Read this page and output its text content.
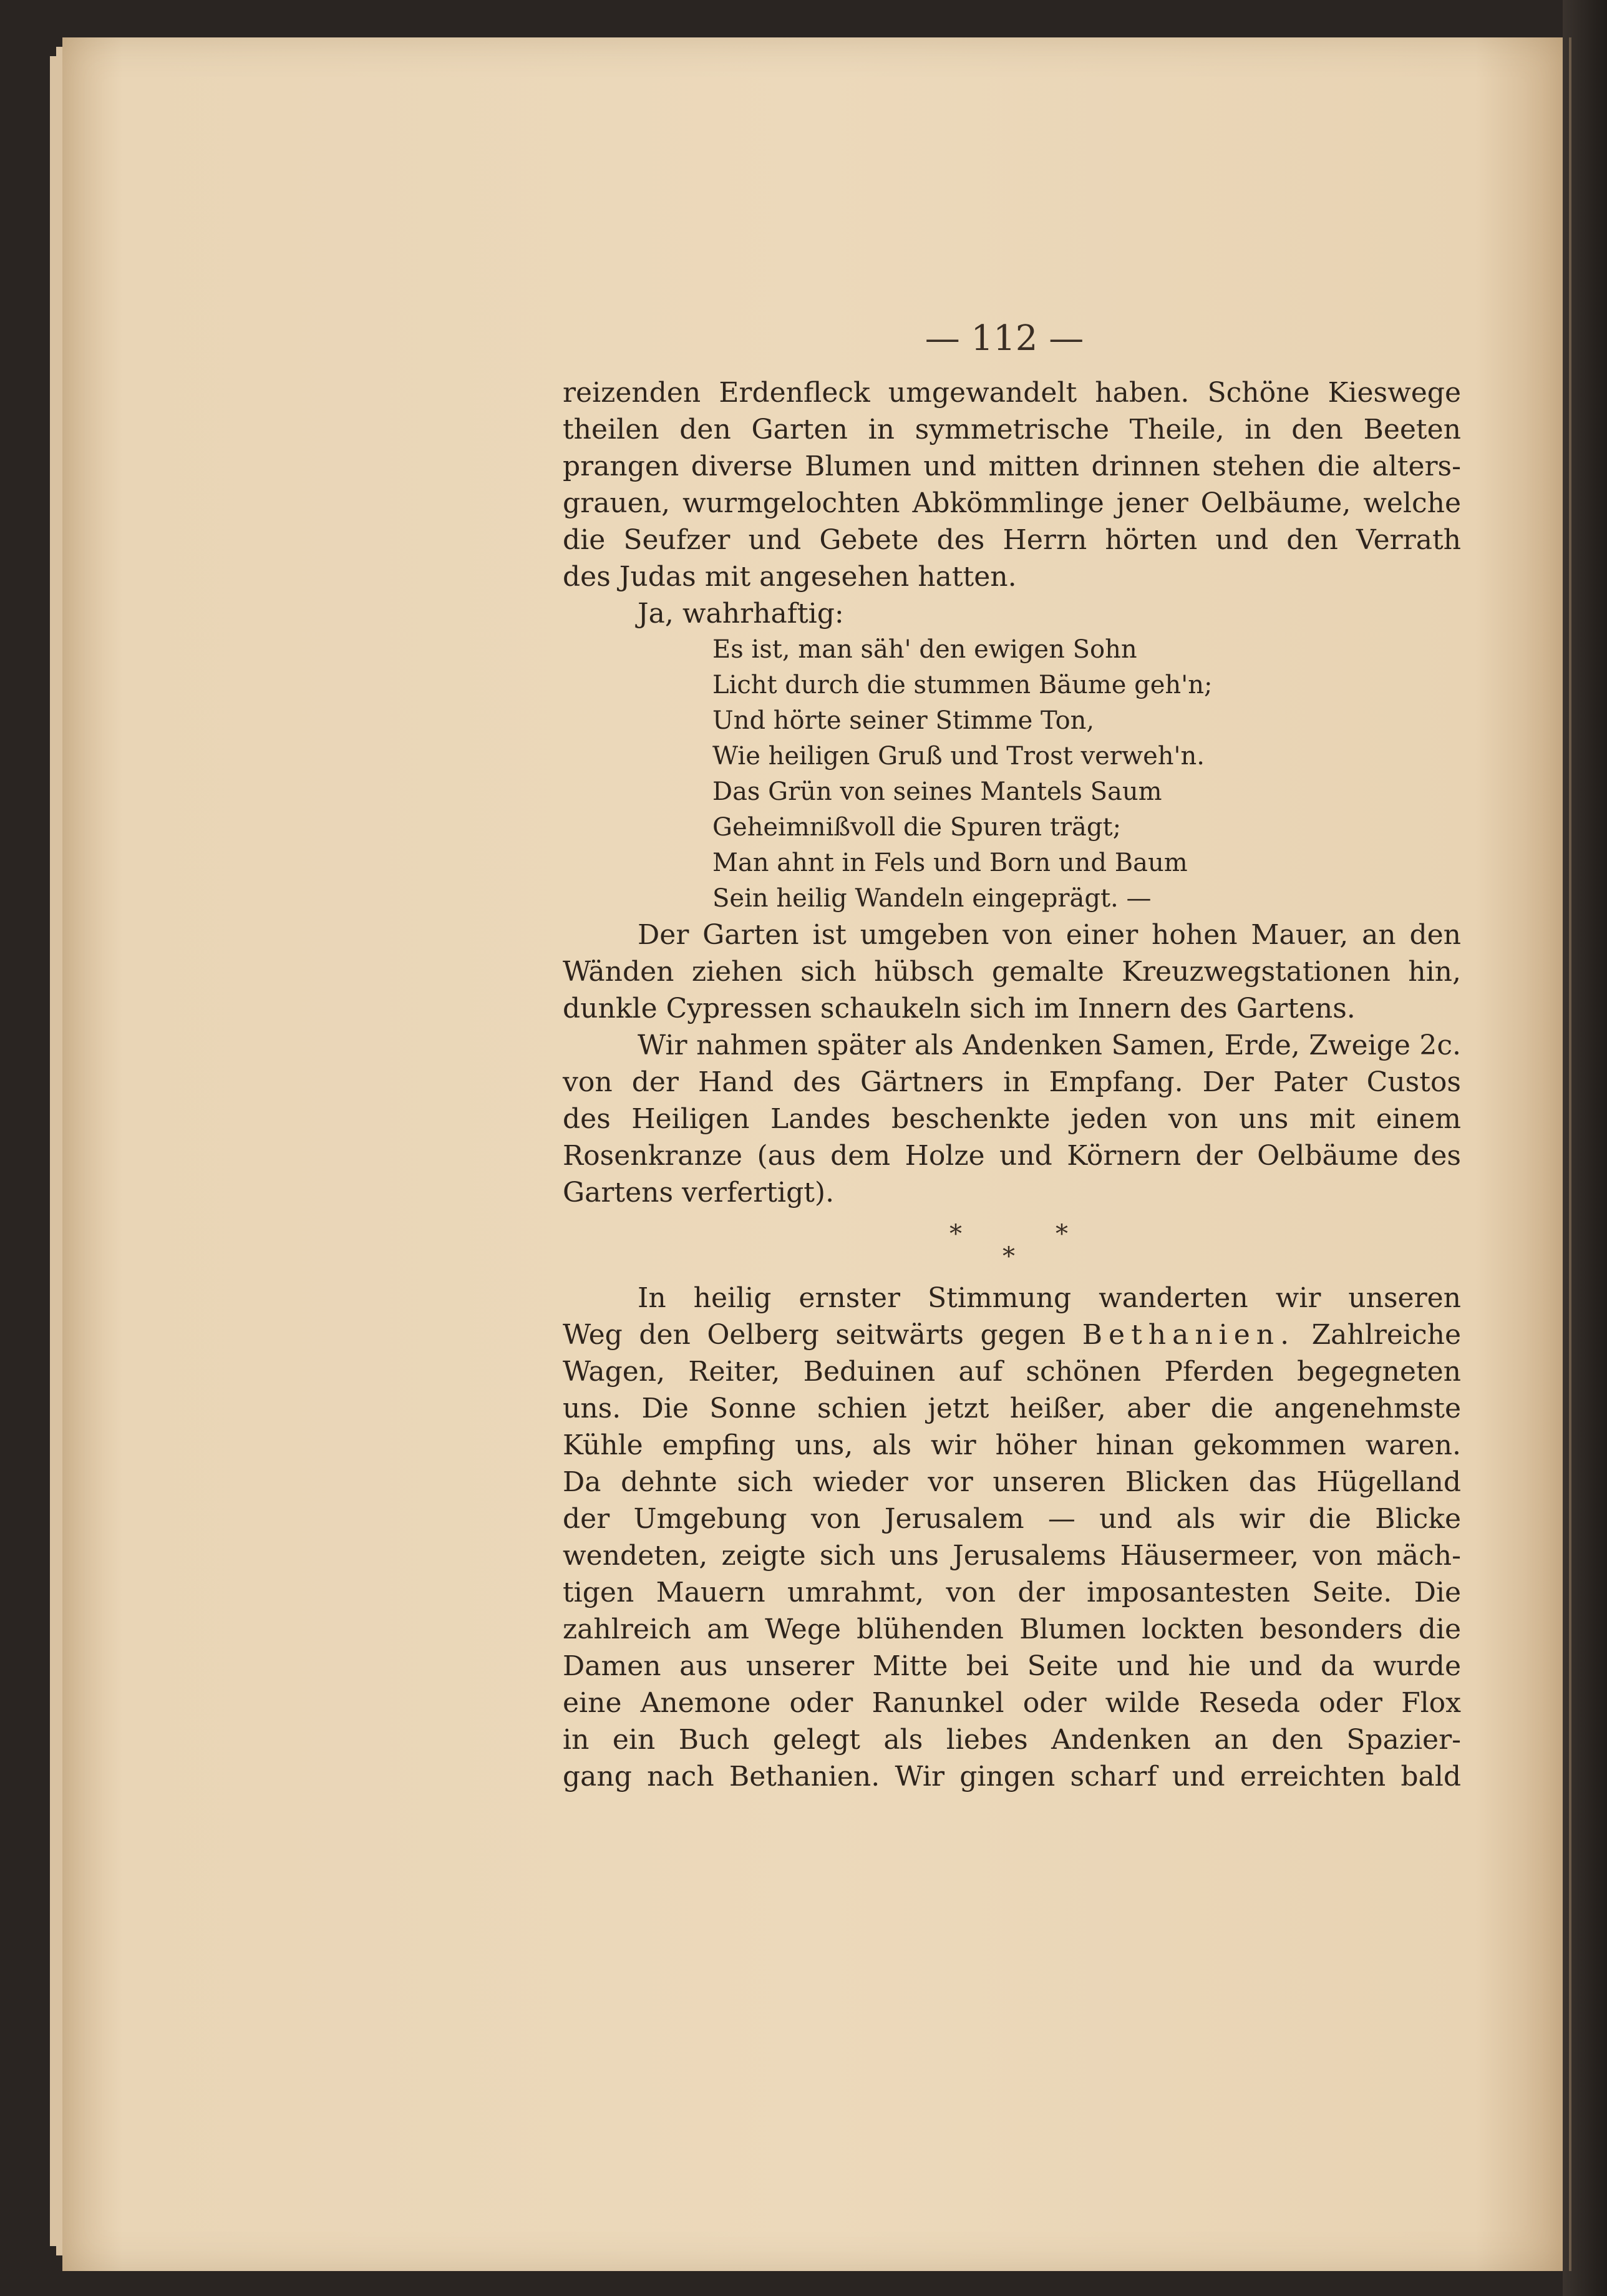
— 112 —

reizenden Erdenfleck umgewandelt haben. Schöne Kieswege

theilen den Garten in symmetrische Theile, in den Beeten

prangen diverse Blumen und mitten drinnen stehen die alters-

grauen, wurmgelochten Abkömmlinge jener Oelbäume, welche

die Seufzer und Gebete des Herrn hörten und den Verrath

des Judas mit angesehen hatten.

Ja, wahrhaftig:

Es ist, man säh' den ewigen Sohn
Licht durch die stummen Bäume geh'n;
Und hörte seiner Stimme Ton,
Wie heiligen Gruß und Trost verweh'n.
Das Grün von seines Mantels Saum
Geheimnißvoll die Spuren trägt;
Man ahnt in Fels und Born und Baum
Sein heilig Wandeln eingeprägt. —

Der Garten ist umgeben von einer hohen Mauer, an den

Wänden ziehen sich hübsch gemalte Kreuzwegstationen hin,

dunkle Cypressen schaukeln sich im Innern des Gartens.

Wir nahmen später als Andenken Samen, Erde, Zweige 2c.

von der Hand des Gärtners in Empfang. Der Pater Custos

des Heiligen Landes beschenkte jeden von uns mit einem

Rosenkranze (aus dem Holze und Körnern der Oelbäume des

Gartens verfertigt).

*	*
*

In heilig ernster Stimmung wanderten wir unseren

Weg den Oelberg seitwärts gegen Bethanien. Zahlreiche

Wagen, Reiter, Beduinen auf schönen Pferden begegneten

uns. Die Sonne schien jetzt heißer, aber die angenehmste

Kühle empfing uns, als wir höher hinan gekommen waren.

Da dehnte sich wieder vor unseren Blicken das Hügelland

der Umgebung von Jerusalem — und als wir die Blicke

wendeten, zeigte sich uns Jerusalems Häusermeer, von mäch-

tigen Mauern umrahmt, von der imposantesten Seite. Die

zahlreich am Wege blühenden Blumen lockten besonders die

Damen aus unserer Mitte bei Seite und hie und da wurde

eine Anemone oder Ranunkel oder wilde Reseda oder Flox

in ein Buch gelegt als liebes Andenken an den Spazier-

gang nach Bethanien. Wir gingen scharf und erreichten bald
